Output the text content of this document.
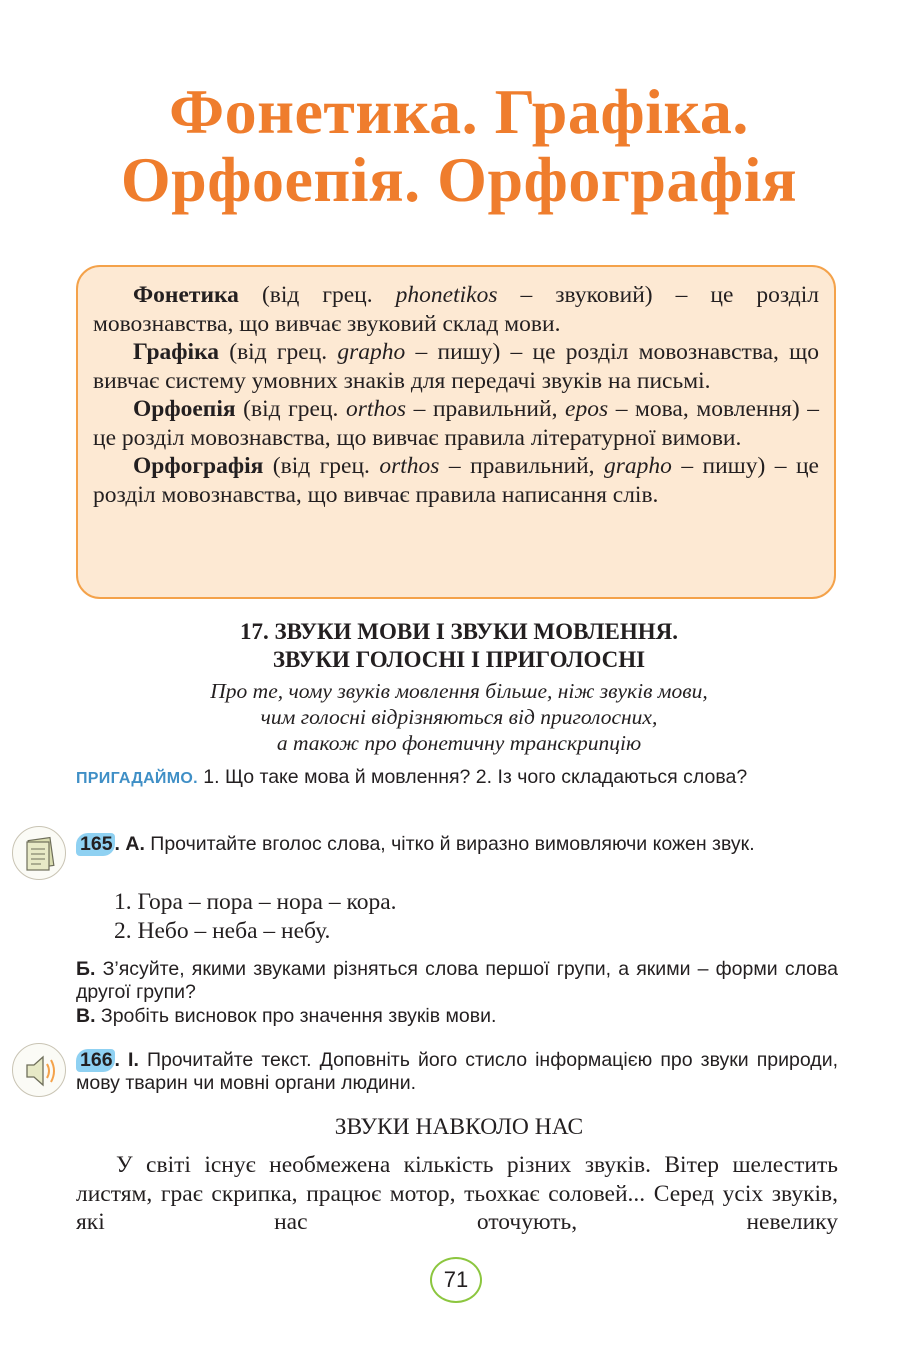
Фонетика. Графіка.
Орфоепія. Орфографія

Фонетика (від грец. phonetikos – звуковий) – це розділ мовознавства, що вивчає звуковий склад мови.

Графіка (від грец. grapho – пишу) – це розділ мовознавства, що вивчає систему умовних знаків для передачі звуків на письмі.

Орфоепія (від грец. orthos – правильний, epos – мова, мовлення) – це розділ мовознавства, що вивчає правила літературної вимови.

Орфографія (від грец. orthos – правильний, grapho – пишу) – це розділ мовознавства, що вивчає правила написання слів.

17. ЗВУКИ МОВИ І ЗВУКИ МОВЛЕННЯ.
ЗВУКИ ГОЛОСНІ І ПРИГОЛОСНІ
Про те, чому звуків мовлення більше, ніж звуків мови,
чим голосні відрізняються від приголосних,
а також про фонетичну транскрипцію
ПРИГАДАЙМО. 1. Що таке мова й мовлення? 2. Із чого складаються слова?
165 . А. Прочитайте вголос слова, чітко й виразно вимовляючи кожен звук.
1. Гора – пора – нора – кора.
2. Небо – неба – небу.
Б. З’ясуйте, якими звуками різняться слова першої групи, а якими – форми слова другої групи?
В. Зробіть висновок про значення звуків мови.
166 . І. Прочитайте текст. Доповніть його стисло інформацією про звуки природи, мову тварин чи мовні органи людини.
ЗВУКИ НАВКОЛО НАС

У світі існує необмежена кількість різних звуків. Вітер шелестить листям, грає скрипка, працює мотор, тьохкає соловей... Серед усіх звуків, які нас оточують, невелику

71
